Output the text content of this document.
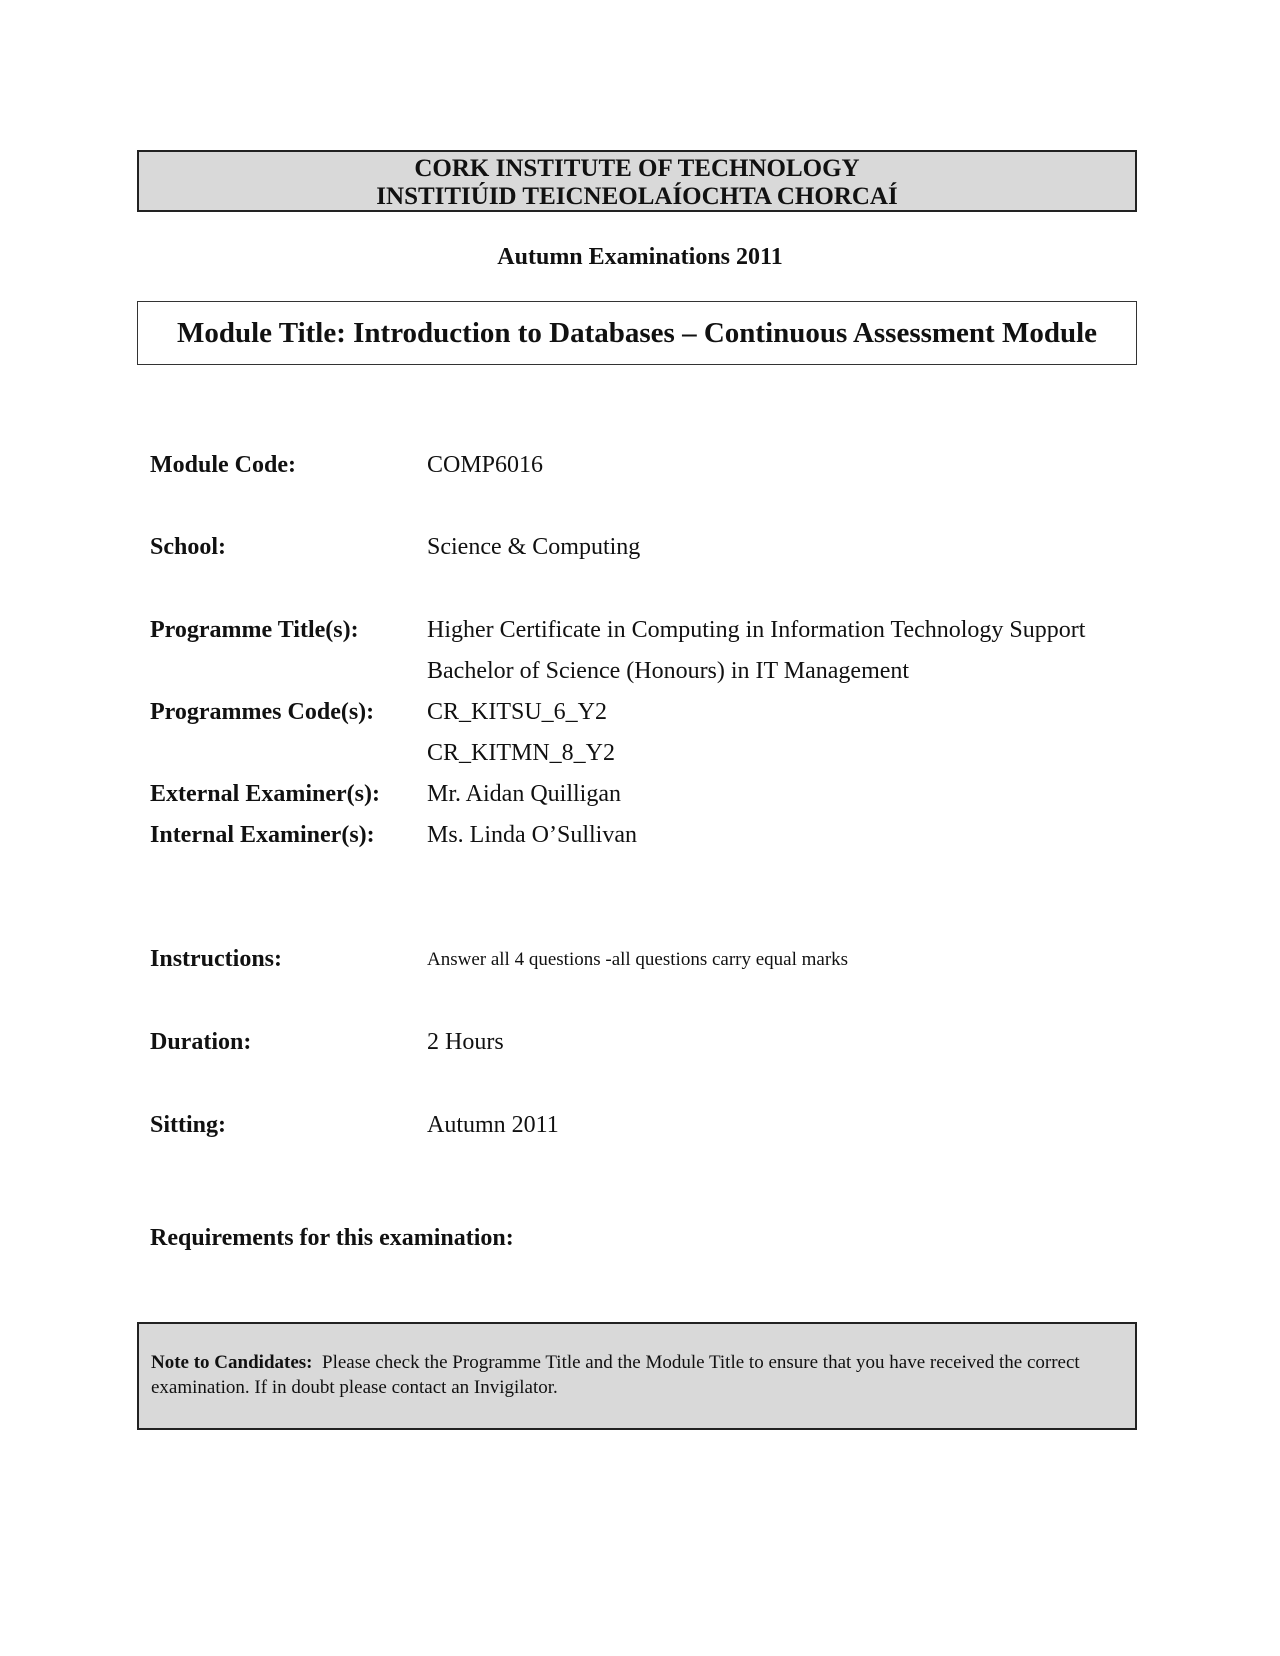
CORK INSTITUTE OF TECHNOLOGY
INSTITIÚID TEICNEOLAÍOCHTA CHORCAÍ
Autumn Examinations 2011
Module Title: Introduction to Databases – Continuous Assessment Module
Module Code:	COMP6016
School:	Science & Computing
Programme Title(s):	Higher Certificate in Computing in Information Technology Support
Bachelor of Science (Honours) in IT Management
Programmes Code(s): CR_KITSU_6_Y2
CR_KITMN_8_Y2
External Examiner(s): Mr. Aidan Quilligan
Internal Examiner(s): Ms. Linda O’Sullivan
Instructions:	Answer all 4 questions -all questions carry equal marks
Duration:	2 Hours
Sitting:	Autumn 2011
Requirements for this examination:
Note to Candidates: Please check the Programme Title and the Module Title to ensure that you have received the correct examination. If in doubt please contact an Invigilator.
